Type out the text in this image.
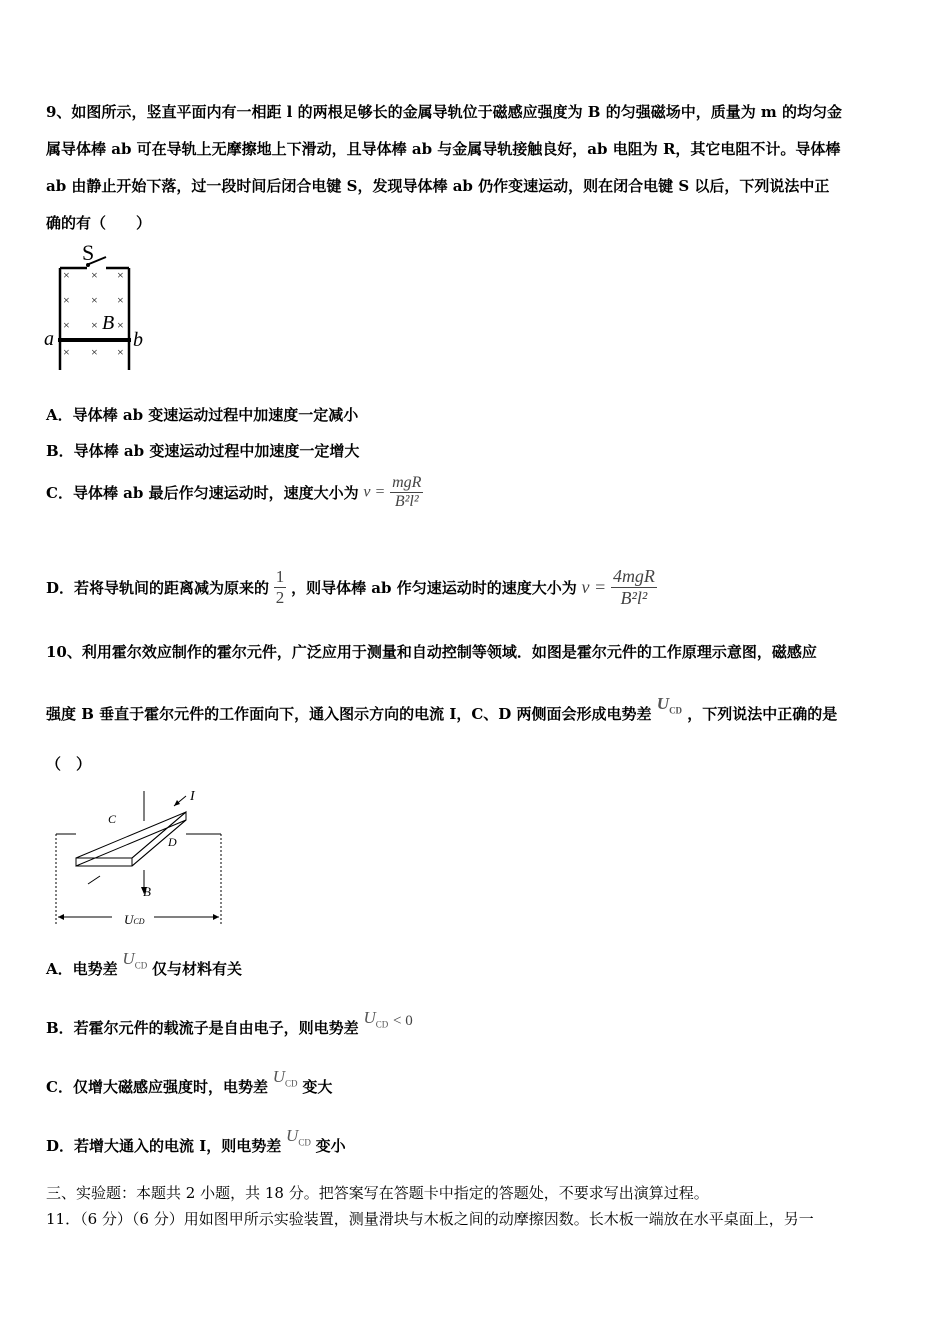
9、如图所示，竖直平面内有一相距 l 的两根足够长的金属导轨位于磁感应强度为 B 的匀强磁场中，质量为 m 的均匀金
属导体棒 ab 可在导轨上无摩擦地上下滑动，且导体棒 ab 与金属导轨接触良好，ab 电阻为 R，其它电阻不计。导体棒
ab 由静止开始下落，过一段时间后闭合电键 S，发现导体棒 ab 仍作变速运动，则在闭合电键 S 以后，下列说法中正
确的有（　　）
S
× × ×
× × ×
× × ×
× × ×
B
a	b
A．导体棒 ab 变速运动过程中加速度一定减小
B．导体棒 ab 变速运动过程中加速度一定增大
C．导体棒 ab 最后作匀速运动时，速度大小为 $v = \frac{\text{mgR}}{\text{B²l²}}$
D．若将导轨间的距离减为原来的 $\frac{1}{2}$ ，则导体棒 ab 作匀速运动时的速度大小为 $v = \frac{\text{4mgR}}{\text{B²l²}}$
10、利用霍尔效应制作的霍尔元件，广泛应用于测量和自动控制等领域．如图是霍尔元件的工作原理示意图，磁感应
强度 B 垂直于霍尔元件的工作面向下，通入图示方向的电流 I，C、D 两侧面会形成电势差 $U_{CD}$ ，下列说法中正确的是
（　）
I
C
D
B
UCD
A．电势差 $U_{CD}$ 仅与材料有关
B．若霍尔元件的载流子是自由电子，则电势差 $U_{CD} < 0$
C．仅增大磁感应强度时，电势差 $U_{CD}$ 变大
D．若增大通入的电流 I，则电势差 $U_{CD}$ 变小
三、实验题：本题共 2 小题，共 18 分。把答案写在答题卡中指定的答题处，不要求写出演算过程。
11．（6 分）（6 分）用如图甲所示实验装置，测量滑块与木板之间的动摩擦因数。长木板一端放在水平桌面上，另一
